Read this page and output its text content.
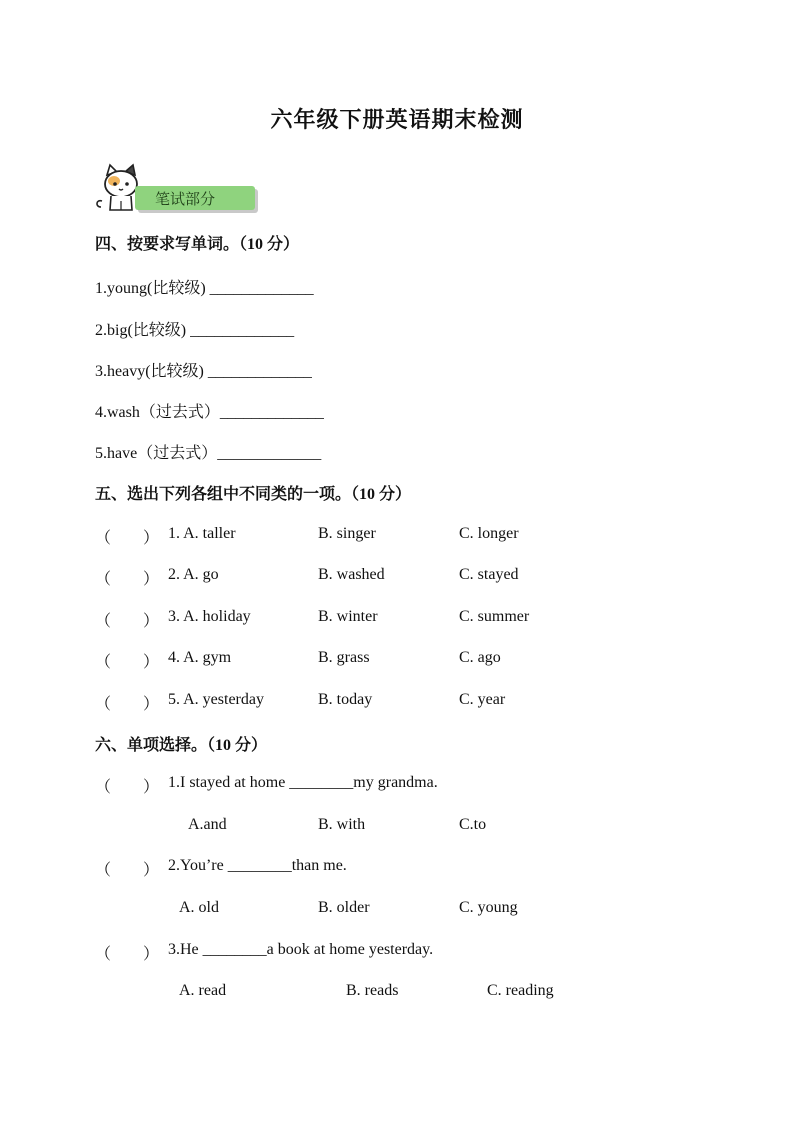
六年级下册英语期末检测
笔试部分
四、按要求写单词。（10 分）
1.young(比较级) _____________
2.big(比较级) _____________
3.heavy(比较级) _____________
4.wash（过去式）_____________
5.have（过去式）_____________
五、选出下列各组中不同类的一项。（10 分）
（　　） 1. A. taller	B. singer	C. longer
（　　） 2. A. go	B. washed	C. stayed
（　　） 3. A. holiday	B. winter	C. summer
（　　） 4. A. gym	B. grass	C. ago
（　　） 5. A. yesterday	B. today	C. year
六、单项选择。（10 分）
（　　） 1.I stayed at home ________my grandma.
A.and	B. with	C.to
（　　） 2.You’re ________than me.
A. old	B. older	C. young
（　　） 3.He ________a book at home yesterday.
A. read	B. reads	C. reading
